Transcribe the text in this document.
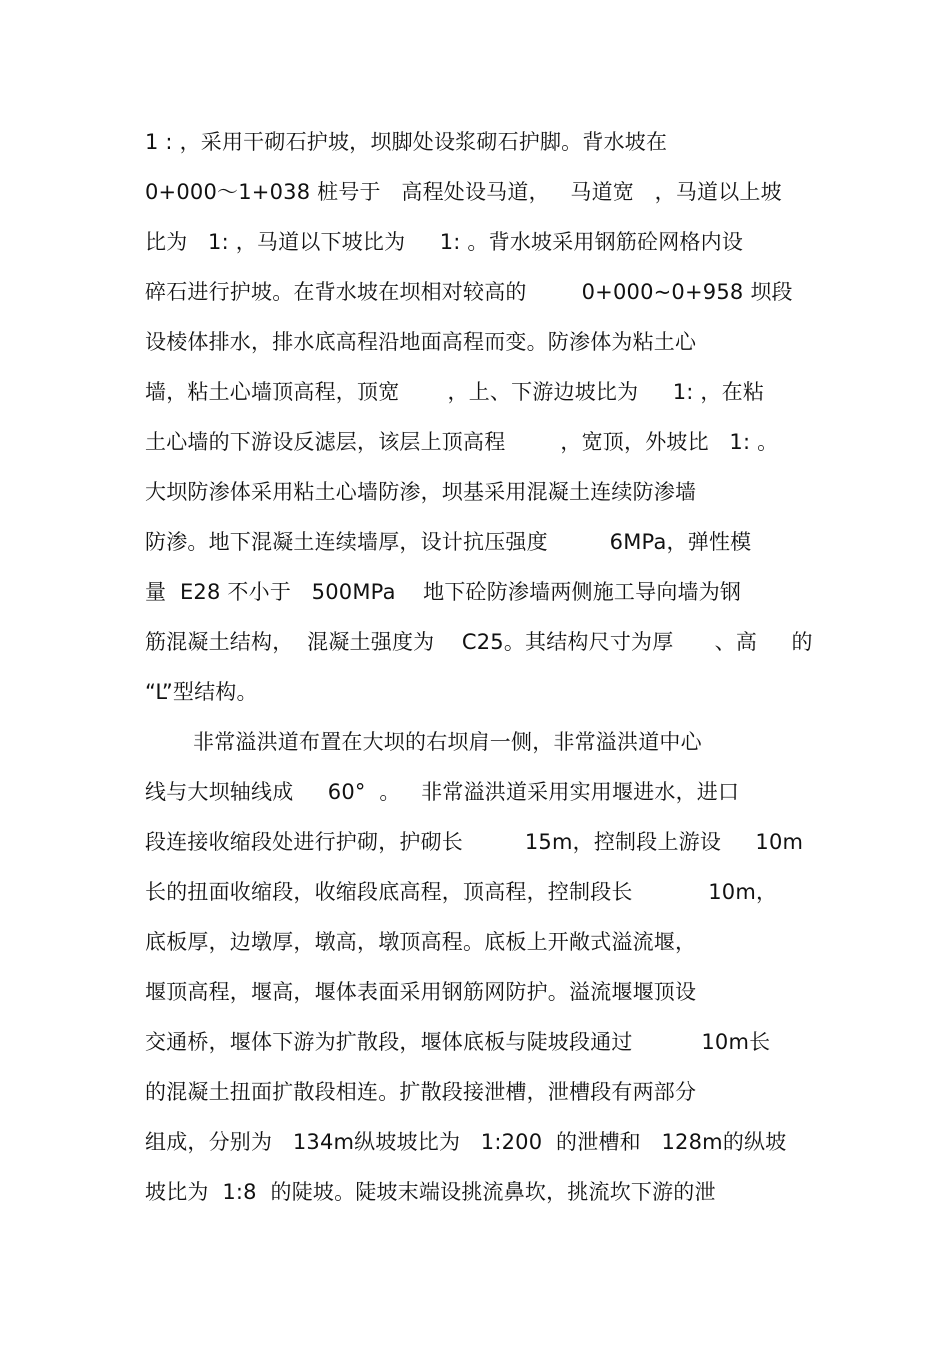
1 : ，采用干砌石护坡，坝脚处设浆砌石护脚。背水坡在
0+000～1+038 桩号于   高程处设马道，   马道宽   ，马道以上坡
比为   1: ，马道以下坡比为     1: 。背水坡采用钢筋砼网格内设
碎石进行护坡。在背水坡在坝相对较高的        0+000~0+958 坝段
设棱体排水，排水底高程沿地面高程而变。防渗体为粘土心
墙，粘土心墙顶高程，顶宽       ，上、下游边坡比为     1: ，在粘
土心墙的下游设反滤层，该层上顶高程        ，宽顶，外坡比   1: 。
大坝防渗体采用粘土心墙防渗，坝基采用混凝土连续防渗墙
防渗。地下混凝土连续墙厚，设计抗压强度         6MPa，弹性模
量  E28 不小于   500MPa    地下砼防渗墙两侧施工导向墙为钢
筋混凝土结构，  混凝土强度为    C25。其结构尺寸为厚      、高     的
“L”型结构。
非常溢洪道布置在大坝的右坝肩一侧，非常溢洪道中心
线与大坝轴线成     60°  。   非常溢洪道采用实用堰进水，进口
段连接收缩段处进行护砌，护砌长         15m，控制段上游设     10m
长的扭面收缩段，收缩段底高程，顶高程，控制段长           10m，
底板厚，边墩厚，墩高，墩顶高程。底板上开敞式溢流堰，
堰顶高程，堰高，堰体表面采用钢筋网防护。溢流堰堰顶设
交通桥，堰体下游为扩散段，堰体底板与陡坡段通过          10m长
的混凝土扭面扩散段相连。扩散段接泄槽，泄槽段有两部分
组成，分别为   134m纵坡坡比为   1:200  的泄槽和   128m的纵坡
坡比为  1:8  的陡坡。陡坡末端设挑流鼻坎，挑流坎下游的泄
